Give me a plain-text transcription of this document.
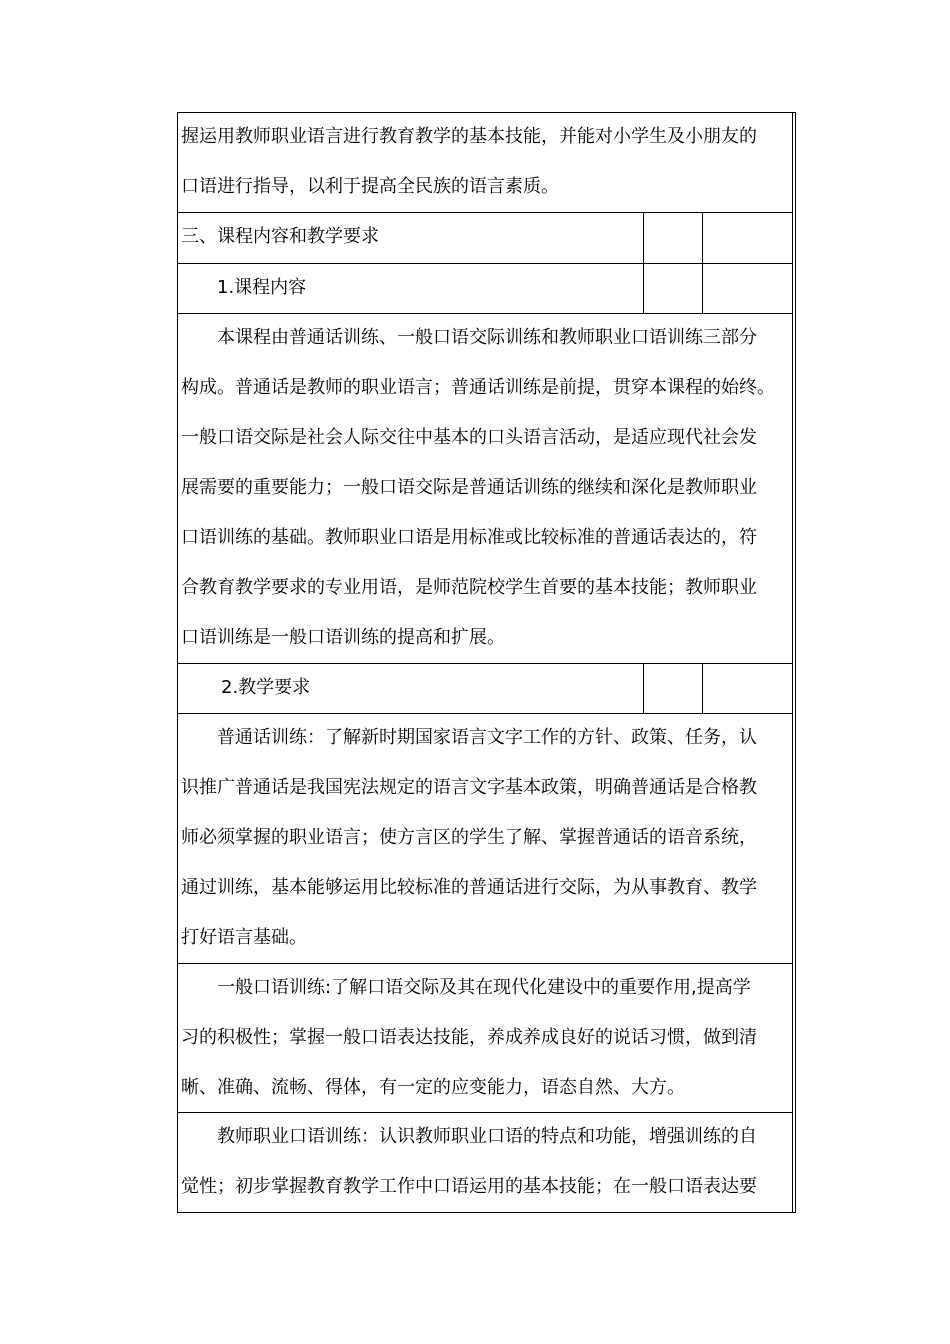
握运用教师职业语言进行教育教学的基本技能，并能对小学生及小朋友的
口语进行指导，以利于提高全民族的语言素质。
三、课程内容和教学要求
1.课程内容
本课程由普通话训练、一般口语交际训练和教师职业口语训练三部分
构成。普通话是教师的职业语言；普通话训练是前提，贯穿本课程的始终。
一般口语交际是社会人际交往中基本的口头语言活动，是适应现代社会发
展需要的重要能力；一般口语交际是普通话训练的继续和深化是教师职业
口语训练的基础。教师职业口语是用标准或比较标准的普通话表达的，符
合教育教学要求的专业用语，是师范院校学生首要的基本技能；教师职业
口语训练是一般口语训练的提高和扩展。
2.教学要求
普通话训练：了解新时期国家语言文字工作的方针、政策、任务，认
识推广普通话是我国宪法规定的语言文字基本政策，明确普通话是合格教
师必须掌握的职业语言；使方言区的学生了解、掌握普通话的语音系统，
通过训练，基本能够运用比较标准的普通话进行交际，为从事教育、教学
打好语言基础。
一般口语训练:了解口语交际及其在现代化建设中的重要作用,提高学
习的积极性；掌握一般口语表达技能，养成养成良好的说话习惯，做到清
晰、准确、流畅、得体，有一定的应变能力，语态自然、大方。
教师职业口语训练：认识教师职业口语的特点和功能，增强训练的自
觉性；初步掌握教育教学工作中口语运用的基本技能；在一般口语表达要
